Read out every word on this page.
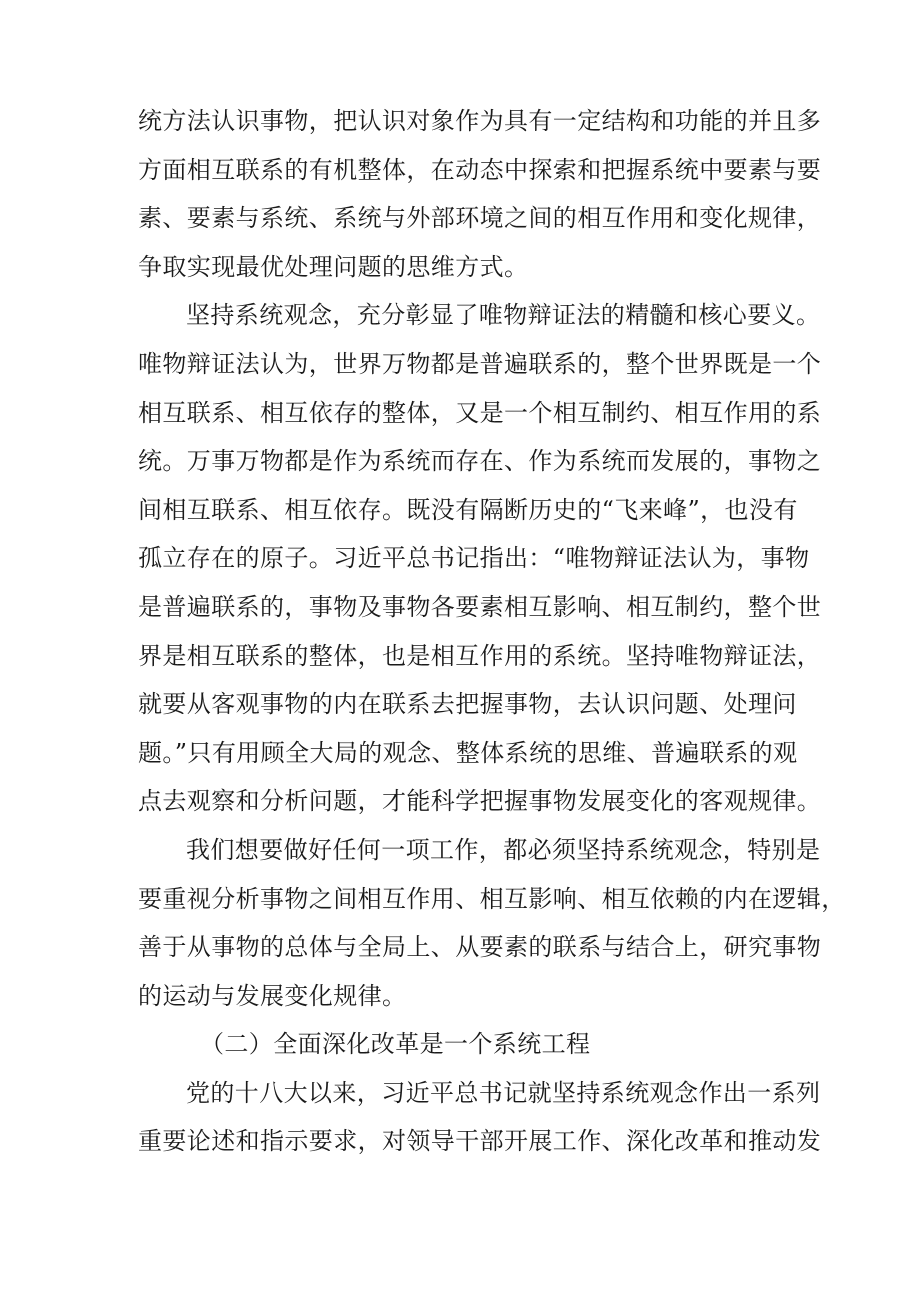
统方法认识事物，把认识对象作为具有一定结构和功能的并且多
方面相互联系的有机整体，在动态中探索和把握系统中要素与要
素、要素与系统、系统与外部环境之间的相互作用和变化规律，
争取实现最优处理问题的思维方式。

坚持系统观念，充分彰显了唯物辩证法的精髓和核心要义。
唯物辩证法认为，世界万物都是普遍联系的，整个世界既是一个
相互联系、相互依存的整体，又是一个相互制约、相互作用的系
统。万事万物都是作为系统而存在、作为系统而发展的，事物之
间相互联系、相互依存。既没有隔断历史的“飞来峰”，也没有
孤立存在的原子。习近平总书记指出：“唯物辩证法认为，事物
是普遍联系的，事物及事物各要素相互影响、相互制约，整个世
界是相互联系的整体，也是相互作用的系统。坚持唯物辩证法，
就要从客观事物的内在联系去把握事物，去认识问题、处理问
题。”只有用顾全大局的观念、整体系统的思维、普遍联系的观
点去观察和分析问题，才能科学把握事物发展变化的客观规律。

我们想要做好任何一项工作，都必须坚持系统观念，特别是
要重视分析事物之间相互作用、相互影响、相互依赖的内在逻辑，
善于从事物的总体与全局上、从要素的联系与结合上，研究事物
的运动与发展变化规律。

（二）全面深化改革是一个系统工程

党的十八大以来，习近平总书记就坚持系统观念作出一系列
重要论述和指示要求，对领导干部开展工作、深化改革和推动发
